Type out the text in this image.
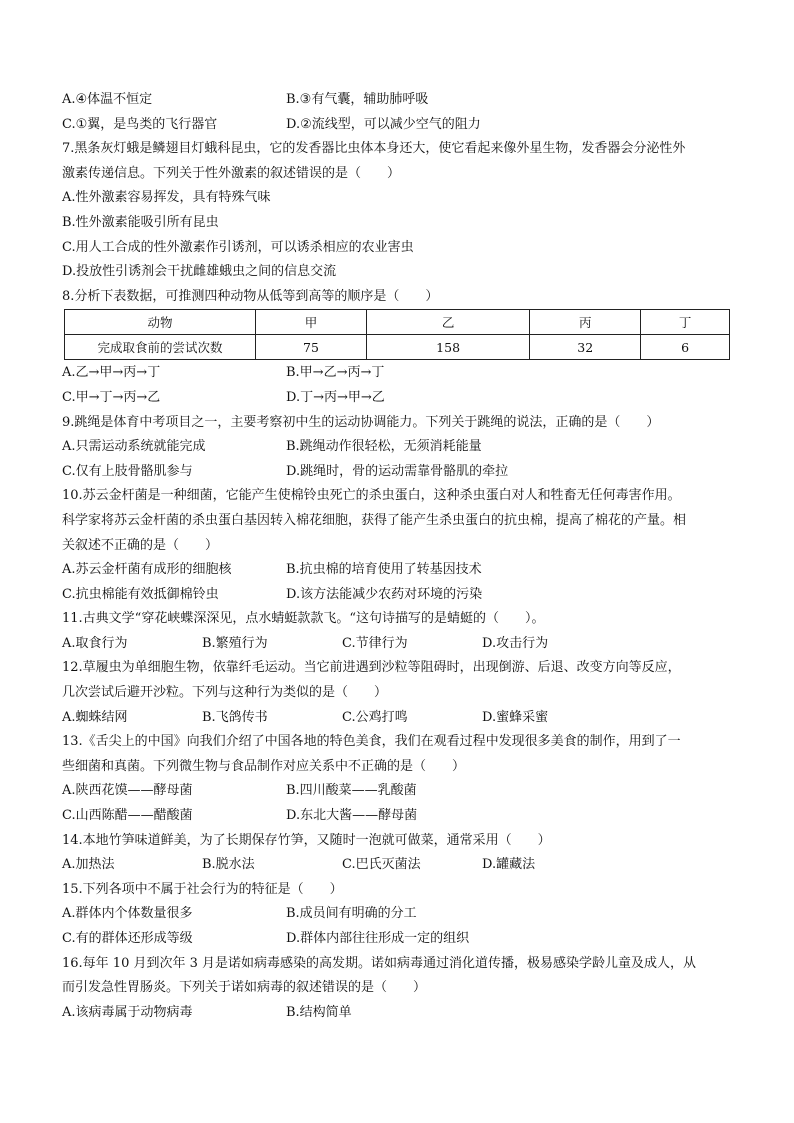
A.④体温不恒定	B.③有气囊，辅助肺呼吸
C.①翼，是鸟类的飞行器官	D.②流线型，可以减少空气的阻力
7.黑条灰灯蛾是鳞翅目灯蛾科昆虫，它的发香器比虫体本身还大，使它看起来像外星生物，发香器会分泌性外
激素传递信息。下列关于性外激素的叙述错误的是（　　）
A.性外激素容易挥发，具有特殊气味
B.性外激素能吸引所有昆虫
C.用人工合成的性外激素作引诱剂，可以诱杀相应的农业害虫
D.投放性引诱剂会干扰雌雄蛾虫之间的信息交流
8.分析下表数据，可推测四种动物从低等到高等的顺序是（　　）
动物	甲	乙	丙	丁
完成取食前的尝试次数	75	158	32	6
A.乙→甲→丙→丁	B.甲→乙→丙→丁
C.甲→丁→丙→乙	D.丁→丙→甲→乙
9.跳绳是体育中考项目之一，主要考察初中生的运动协调能力。下列关于跳绳的说法，正确的是（　　）
A.只需运动系统就能完成	B.跳绳动作很轻松，无须消耗能量
C.仅有上肢骨骼肌参与	D.跳绳时，骨的运动需靠骨骼肌的牵拉
10.苏云金杆菌是一种细菌，它能产生使棉铃虫死亡的杀虫蛋白，这种杀虫蛋白对人和牲畜无任何毒害作用。
科学家将苏云金杆菌的杀虫蛋白基因转入棉花细胞，获得了能产生杀虫蛋白的抗虫棉，提高了棉花的产量。相
关叙述不正确的是（　　）
A.苏云金杆菌有成形的细胞核	B.抗虫棉的培育使用了转基因技术
C.抗虫棉能有效抵御棉铃虫	D.该方法能减少农药对环境的污染
11.古典文学“穿花峡蝶深深见，点水蜻蜓款款飞。“这句诗描写的是蜻蜓的（　　）。
A.取食行为	B.繁殖行为	C.节律行为	D.攻击行为
12.草履虫为单细胞生物，依靠纤毛运动。当它前进遇到沙粒等阻碍时，出现倒游、后退、改变方向等反应，
几次尝试后避开沙粒。下列与这种行为类似的是（　　）
A.蜘蛛结网	B.飞鸽传书	C.公鸡打鸣	D.蜜蜂采蜜
13.《舌尖上的中国》向我们介绍了中国各地的特色美食，我们在观看过程中发现很多美食的制作，用到了一
些细菌和真菌。下列微生物与食品制作对应关系中不正确的是（　　）
A.陕西花馍——酵母菌	B.四川酸菜——乳酸菌
C.山西陈醋——醋酸菌	D.东北大酱——酵母菌
14.本地竹笋味道鲜美，为了长期保存竹笋，又随时一泡就可做菜，通常采用（　　）
A.加热法	B.脱水法	C.巴氏灭菌法	D.罐藏法
15.下列各项中不属于社会行为的特征是（　　）
A.群体内个体数量很多	B.成员间有明确的分工
C.有的群体还形成等级	D.群体内部往往形成一定的组织
16.每年 10 月到次年 3 月是诺如病毒感染的高发期。诺如病毒通过消化道传播，极易感染学龄儿童及成人，从
而引发急性胃肠炎。下列关于诺如病毒的叙述错误的是（　　）
A.该病毒属于动物病毒	B.结构简单
